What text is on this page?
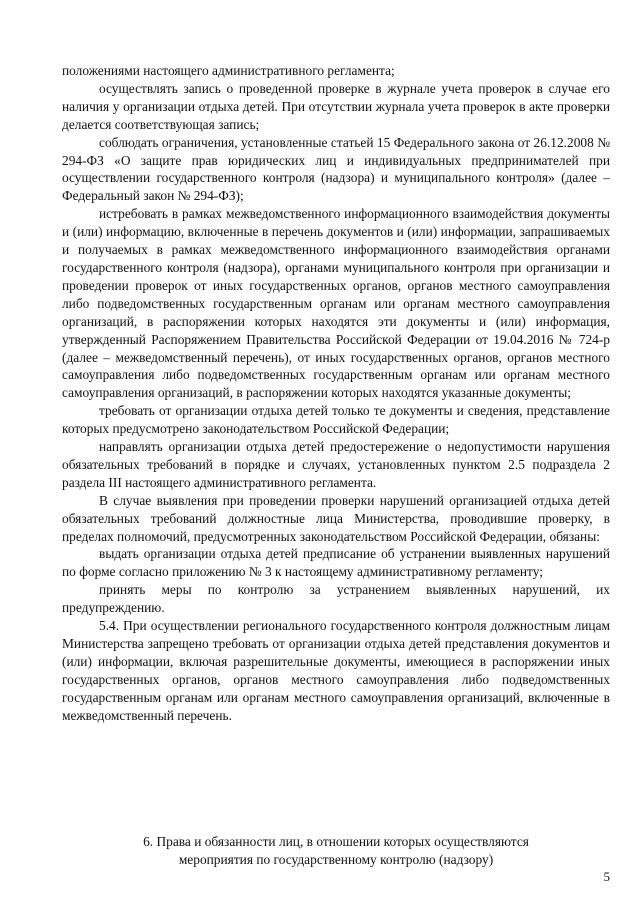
положениями настоящего административного регламента;

осуществлять запись о проведенной проверке в журнале учета проверок в случае его наличия у организации отдыха детей. При отсутствии журнала учета проверок в акте проверки делается соответствующая запись;

соблюдать ограничения, установленные статьей 15 Федерального закона от 26.12.2008 № 294-ФЗ «О защите прав юридических лиц и индивидуальных предпринимателей при осуществлении государственного контроля (надзора) и муниципального контроля» (далее – Федеральный закон № 294-ФЗ);

истребовать в рамках межведомственного информационного взаимодействия документы и (или) информацию, включенные в перечень документов и (или) информации, запрашиваемых и получаемых в рамках межведомственного информационного взаимодействия органами государственного контроля (надзора), органами муниципального контроля при организации и проведении проверок от иных государственных органов, органов местного самоуправления либо подведомственных государственным органам или органам местного самоуправления организаций, в распоряжении которых находятся эти документы и (или) информация, утвержденный Распоряжением Правительства Российской Федерации от 19.04.2016 № 724-р (далее – межведомственный перечень), от иных государственных органов, органов местного самоуправления либо подведомственных государственным органам или органам местного самоуправления организаций, в распоряжении которых находятся указанные документы;

требовать от организации отдыха детей только те документы и сведения, представление которых предусмотрено законодательством Российской Федерации;

направлять организации отдыха детей предостережение о недопустимости нарушения обязательных требований в порядке и случаях, установленных пунктом 2.5 подраздела 2 раздела III настоящего административного регламента.

В случае выявления при проведении проверки нарушений организацией отдыха детей обязательных требований должностные лица Министерства, проводившие проверку, в пределах полномочий, предусмотренных законодательством Российской Федерации, обязаны:

выдать организации отдыха детей предписание об устранении выявленных нарушений по форме согласно приложению № 3 к настоящему административному регламенту;

принять меры по контролю за устранением выявленных нарушений, их предупреждению.

5.4. При осуществлении регионального государственного контроля должностным лицам Министерства запрещено требовать от организации отдыха детей представления документов и (или) информации, включая разрешительные документы, имеющиеся в распоряжении иных государственных органов, органов местного самоуправления либо подведомственных государственным органам или органам местного самоуправления организаций, включенные в межведомственный перечень.

6. Права и обязанности лиц, в отношении которых осуществляются
мероприятия по государственному контролю (надзору)
5
